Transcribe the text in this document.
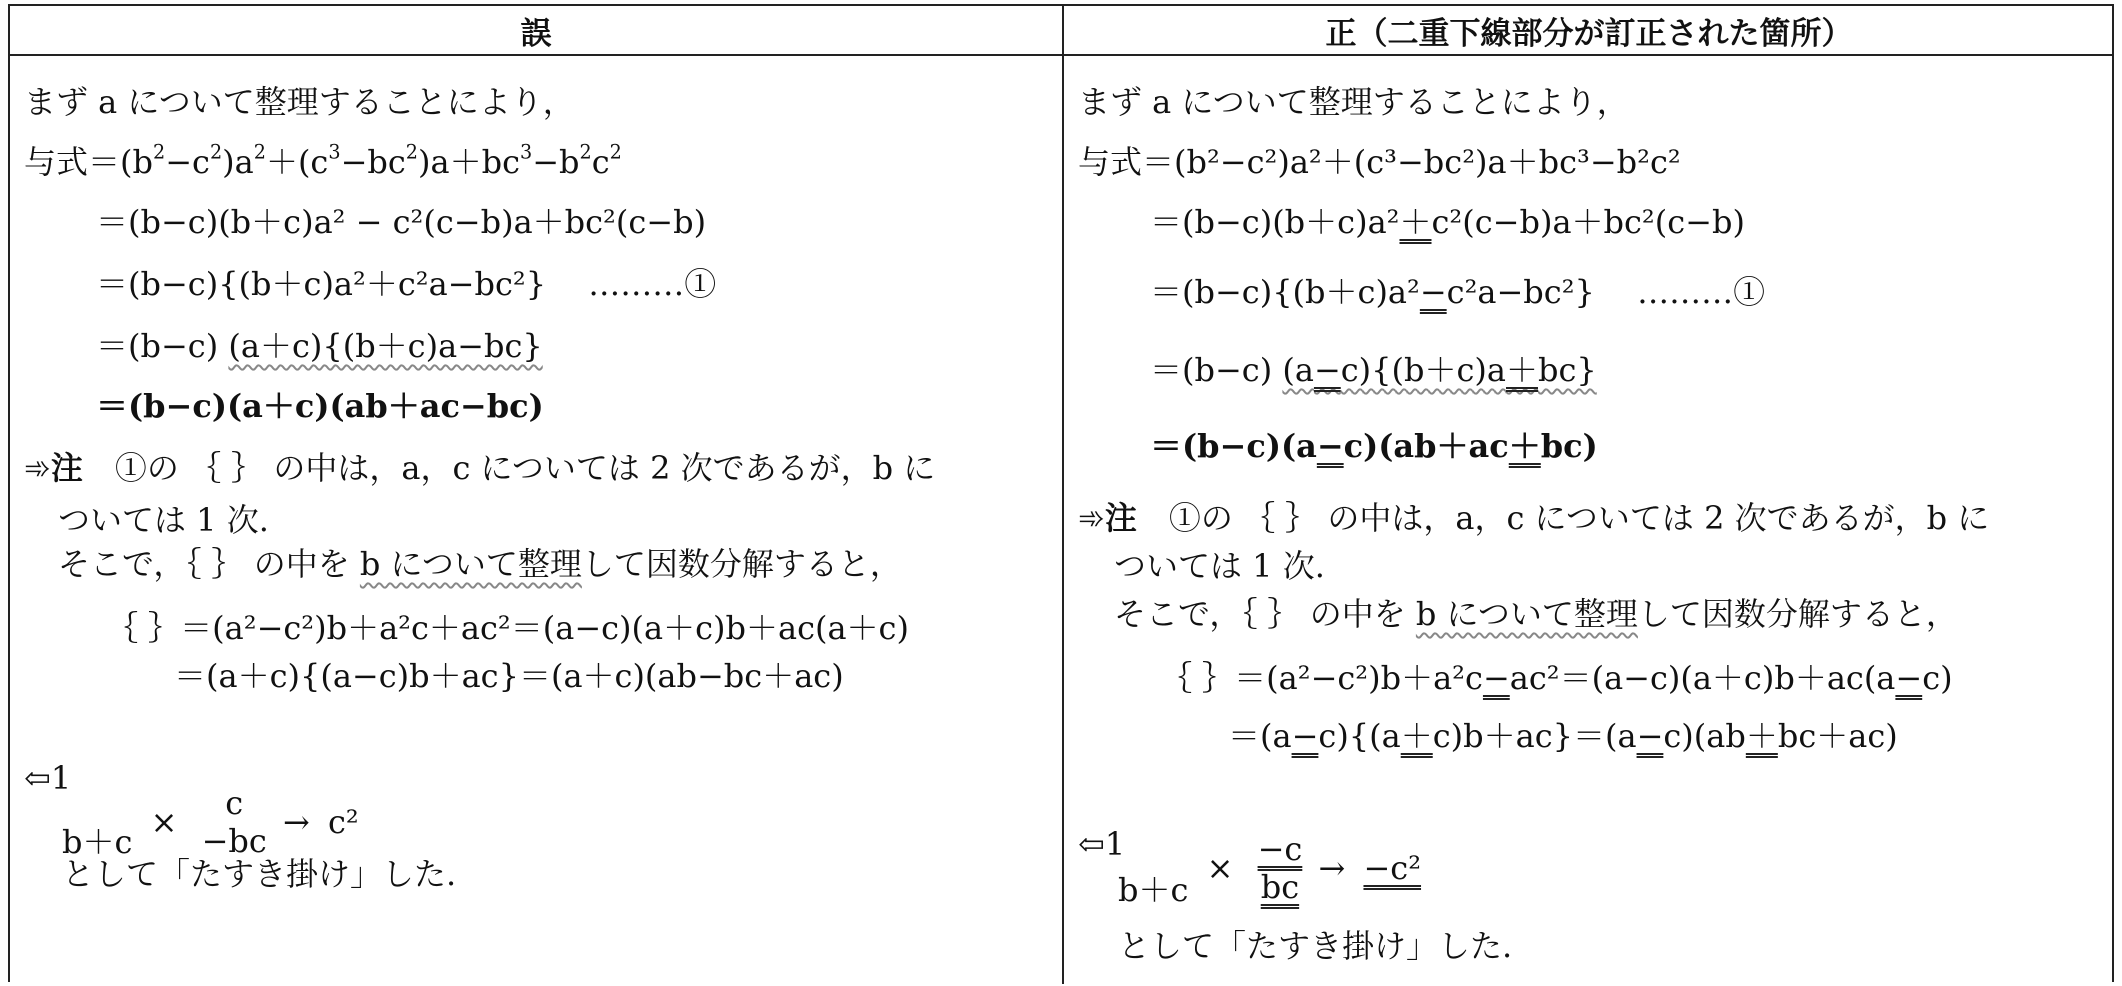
誤	正（二重下線部分が訂正された箇所）
まず a について整理することにより，
与式$=(b^2-c^2)a^2+(c^3-bc^2)a+bc^3-b^2c^2$
＝(b−c)(b＋c)a² − c²(c−b)a＋bc²(c−b)
＝(b−c){(b＋c)a²＋c²a−bc²}　 ………①
＝(b−c) (a＋c){(b＋c)a−bc}
＝(b−c)(a＋c)(ab＋ac−bc)
➾注　 ①の ｛ ｝ の中は，a，c については 2 次であるが，b に
ついては 1 次.
そこで，｛ ｝ の中を b について整理して因数分解すると，
｛ ｝＝(a²−c²)b＋a²c＋ac²＝(a−c)(a＋c)b＋ac(a＋c)
＝(a＋c){(a−c)b＋ac}＝(a＋c)(ab−bc＋ac)
⇦1
b＋c ×	c
−bc → c²
として「たすき掛け」した.
まず a について整理することにより，
与式＝(b²−c²)a²＋(c³−bc²)a＋bc³−b²c²
＝(b−c)(b＋c)a²＋c²(c−b)a＋bc²(c−b)
＝(b−c){(b＋c)a²−c²a−bc²}　 ………①
＝(b−c) (a−c){(b＋c)a＋bc}
＝(b−c)(a−c)(ab＋ac＋bc)
➾注　 ①の ｛ ｝ の中は，a，c については 2 次であるが，b に
ついては 1 次.
そこで，｛ ｝ の中を b について整理して因数分解すると，
｛ ｝＝(a²−c²)b＋a²c−ac²＝(a−c)(a＋c)b＋ac(a−c)
＝(a−c){(a＋c)b＋ac}＝(a−c)(ab＋bc＋ac)
⇦1
$b+c \times \frac{-c}{bc} \to -c^2$
として「たすき掛け」した.
